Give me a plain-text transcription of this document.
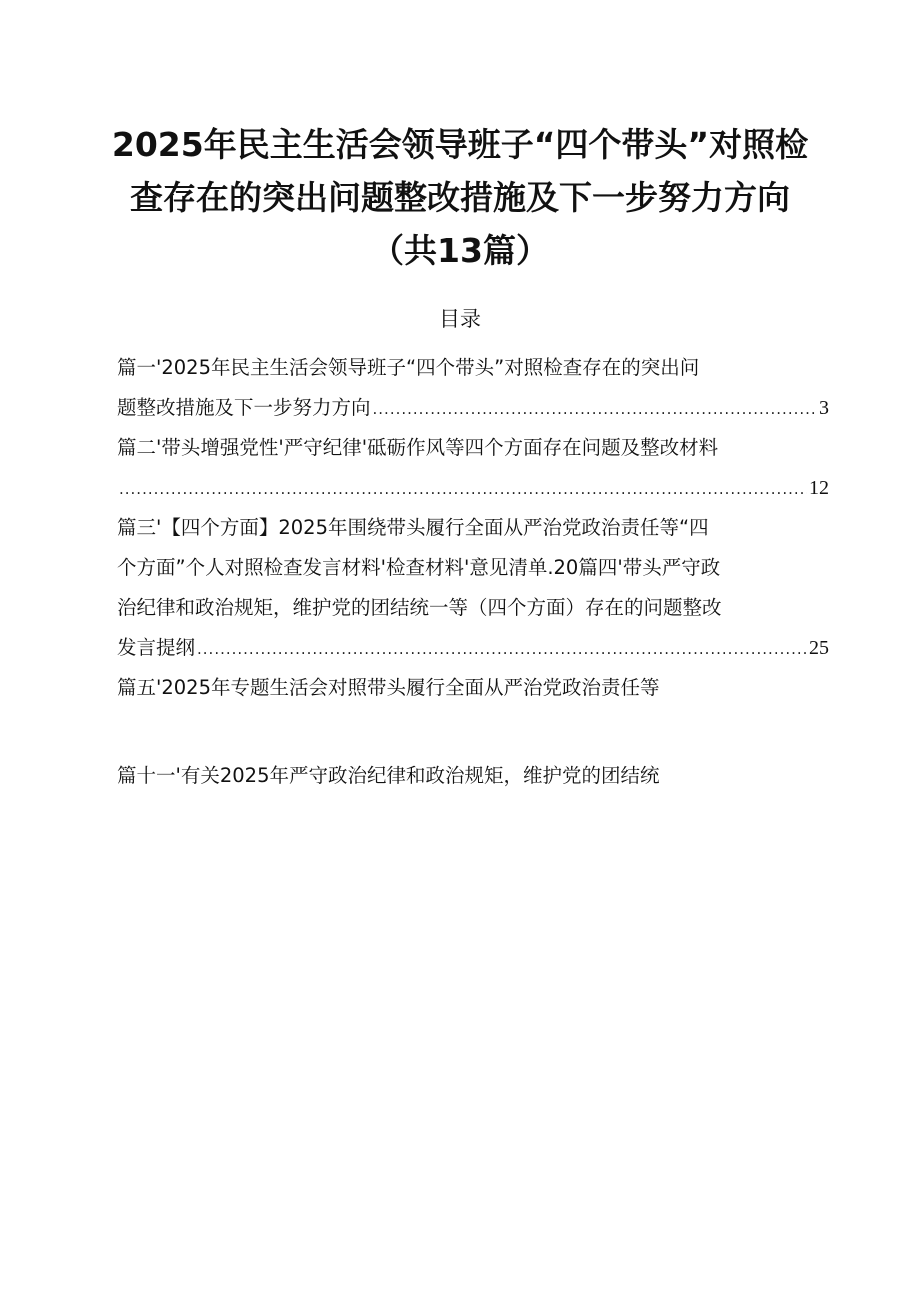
2025年民主生活会领导班子“四个带头”对照检
查存在的突出问题整改措施及下一步努力方向
（共13篇）
目录
篇一'2025年民主生活会领导班子“四个带头”对照检查存在的突出问
题整改措施及下一步努力方向 .....	3
篇二'带头增强党性'严守纪律'砥砺作风等四个方面存在问题及整改材料
.....
12
篇三'【四个方面】2025年围绕带头履行全面从严治党政治责任等“四
个方面”个人对照检查发言材料'检查材料'意见清单.20篇四'带头严守政
治纪律和政治规矩，维护党的团结统一等（四个方面）存在的问题整改
发言提纲 .....	25
篇五'2025年专题生活会对照带头履行全面从严治党政治责任等
篇十一'有关2025年严守政治纪律和政治规矩，维护党的团结统
